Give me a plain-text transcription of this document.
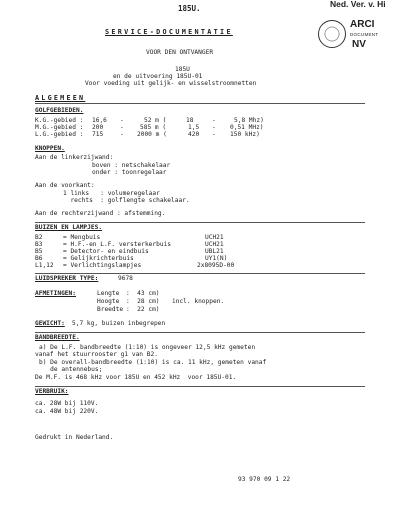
185U.	Ned. Ver. v. Hi
ARCI
DOCUMENT
NV
SERVICE-DOCUMENTATIE
VOOR DEN ONTVANGER
185U
en de uitvoering 185U-01
Voor voeding uit gelijk- en wisselstroomnetten
ALGEMEEN
GOLFGEBIEDEN.
K.G.-gebied : 16,6 -	52 m (	18	-	5,8 Mhz)
M.G.-gebied : 200	-	585 m (	1,5 - 0,51 MHz)
L.G.-gebied : 715	- 2000 m (	420 - 150 kHz)
KNOPPEN.
Aan de linkerzijwand:
boven : netschakelaar
onder : toonregelaar
Aan de voorkant:
1 links   : volumeregelaar
rechts  : golflengte schakelaar.
Aan de rechterzijwand : afstemming.
BUIZEN EN LAMPJES.
B2	= Mengbuis	UCH21
B3	= H.F.-en L.F. versterkerbuis	UCH21
B5	= Detector- en eindbuis	UBL21
B6	= Gelijkrichterbuis	UY1(N)
L1,12 = Verlichtingslampjes	2x8095D-00
LUIDSPREKER TYPE:	9678
AFMETINGEN:	Lengte :  43 cm)
Hoogte :  28 cm) incl. knoppen.
Breedte :  22 cm)
GEWICHT: 5,7 kg, buizen inbegrepen
BANDBREEDTE.
a) De L.F. bandbreedte (1:10) is ongeveer 12,5 kHz gemeten
vanaf het stuurrooster g1 van B2.
b) De overall-bandbreedte (1:10) is ca. 11 kHz, gemeten vanaf
de antennebus;
De M.F. is 468 kHz voor 185U en 452 kHz  voor 185U-01.
VERBRUIK:
ca. 28W bij 110V.
ca. 48W bij 220V.
Gedrukt in Nederland.
93 970 09 1 22
